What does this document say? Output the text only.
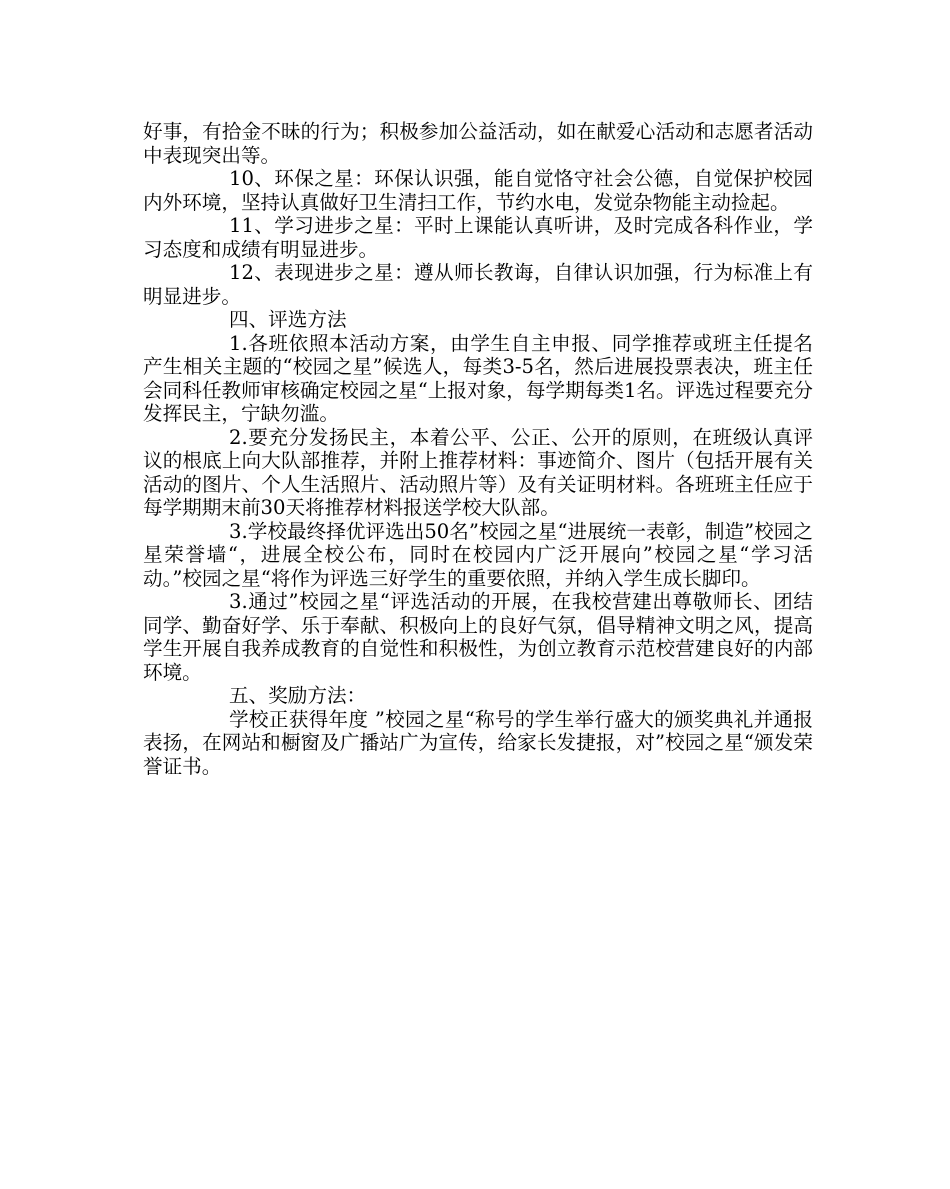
好事，有拾金不昧的行为；积极参加公益活动，如在献爱心活动和志愿者活动中表现突出等。

10、环保之星：环保认识强，能自觉恪守社会公德，自觉保护校园内外环境，坚持认真做好卫生清扫工作，节约水电，发觉杂物能主动捡起。

11、学习进步之星：平时上课能认真听讲，及时完成各科作业，学习态度和成绩有明显进步。

12、表现进步之星：遵从师长教诲，自律认识加强，行为标准上有明显进步。

四、评选方法

1.各班依照本活动方案，由学生自主申报、同学推荐或班主任提名产生相关主题的“校园之星”候选人，每类3-5名，然后进展投票表决，班主任会同科任教师审核确定校园之星“上报对象，每学期每类1名。评选过程要充分发挥民主，宁缺勿滥。

2.要充分发扬民主，本着公平、公正、公开的原则，在班级认真评议的根底上向大队部推荐，并附上推荐材料：事迹简介、图片（包括开展有关活动的图片、个人生活照片、活动照片等）及有关证明材料。各班班主任应于每学期期末前30天将推荐材料报送学校大队部。

3.学校最终择优评选出50名”校园之星“进展统一表彰，制造”校园之星荣誉墙“，进展全校公布，同时在校园内广泛开展向”校园之星“学习活动。”校园之星“将作为评选三好学生的重要依照，并纳入学生成长脚印。

3.通过”校园之星“评选活动的开展，在我校营建出尊敬师长、团结同学、勤奋好学、乐于奉献、积极向上的良好气氛，倡导精神文明之风，提高学生开展自我养成教育的自觉性和积极性，为创立教育示范校营建良好的内部环境。

五、奖励方法：

学校正获得年度 ”校园之星“称号的学生举行盛大的颁奖典礼并通报表扬，在网站和橱窗及广播站广为宣传，给家长发捷报，对”校园之星“颁发荣誉证书。
